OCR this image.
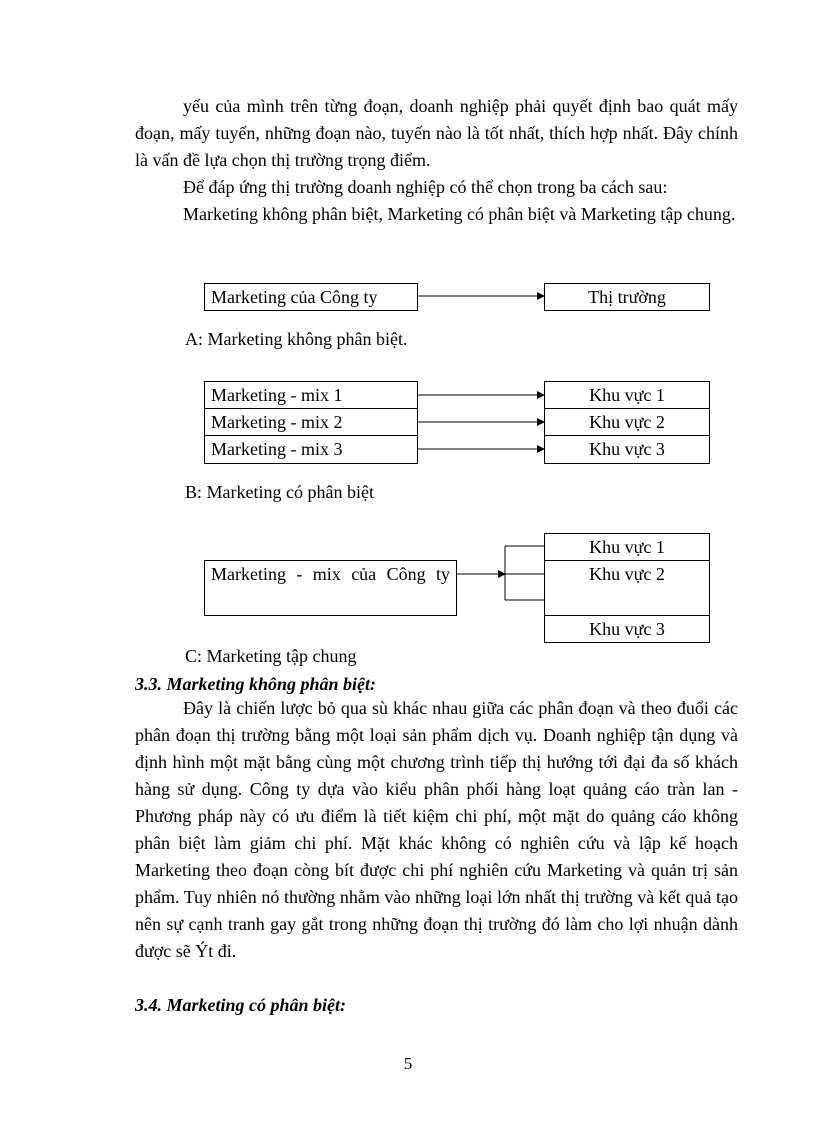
yếu của mình trên từng đoạn, doanh nghiệp phải quyết định bao quát mấy đoạn, mấy tuyến, những đoạn nào, tuyến nào là tốt nhất, thích hợp nhất. Đây chính là vấn đề lựa chọn thị trường trọng điểm.

Để đáp ứng thị trường doanh nghiệp có thể chọn trong ba cách sau:

Marketing không phân biệt, Marketing có phân biệt và Marketing tập chung.

Marketing của Công ty	Thị trường

A: Marketing không phân biệt.

Marketing - mix 1
Marketing - mix 2
Marketing - mix 3
Khu vực 1
Khu vực 2
Khu vực 3

B: Marketing có phân biệt

Marketing - mix của Công ty
Khu vực 1
Khu vực 2
Khu vực 3

C: Marketing tập chung

3.3. Marketing không phân biệt:

Đây là chiến lược bỏ qua sù khác nhau giữa các phân đoạn và theo đuổi các phân đoạn thị trường bằng một loại sản phẩm dịch vụ. Doanh nghiệp tận dụng và định hình một mặt bằng cùng một chương trình tiếp thị hướng tới đại đa số khách hàng sử dụng. Công ty dựa vào kiểu phân phối hàng loạt quảng cáo tràn lan - Phương pháp này có ưu điểm là tiết kiệm chi phí, một mặt do quảng cáo không phân biệt làm giảm chi phí. Mặt khác không có nghiên cứu và lập kế hoạch Marketing theo đoạn còng bít được chi phí nghiên cứu Marketing và quản trị sản phẩm. Tuy nhiên nó thường nhằm vào những loại lớn nhất thị trường và kết quả tạo nên sự cạnh tranh gay gắt trong những đoạn thị trường đó làm cho lợi nhuận dành được sẽ Ýt đi.

3.4. Marketing có phân biệt:
5
